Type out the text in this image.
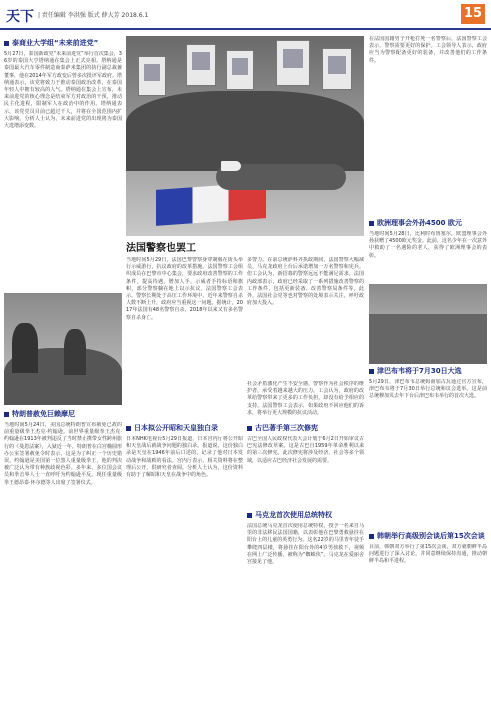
天下 | 责任编辑 李洪强 版式 薛大芳 2018.6.1	15
泰商业大学组“未来前进党”
5月27日，泰国新政党“未来前进党”举行首次集会，36岁的泰国大亨塔纳通在集会上正式亮相。塔纳通是泰国最大汽车零件制造商泰萨米集团的执行副总裁兼董事，他在2014年军方政变后曾多次批评军政府。塔纳通表示，该党将致力于推动泰国政治改革，在泰国年轻人中拥有较高的人气。塔纳通在集会上宣布，未来前进党的核心理念是结束军方对政治的干预，推动民主化进程，限制军人在政治中的作用。塔纳通表示，该党党员目前已超过千人，并将在全国范围内扩大影响。分析人士认为，未来前进党的出现将为泰国大选增添变数。
特朗普赦免巨赖摩尼
当地时间5月24日，美国总统特朗普宣布赦免已故的前重量级拳王杰克·约翰逊。前世界重量级拳王杰克·约翰逊在1913年被判违反了当时禁止携带女性跨州旅行的《曼恩法案》，入狱近一年。特朗普在白宫椭圆形办公室签署赦免令时表示，这是为了纠正一个历史错误。约翰逊是美国第一位黑人重量级拳王，他的判决被广泛认为带有种族歧视色彩。多年来，多位国会议员和拳击界人士一直呼吁为约翰逊平反。现任重量级拳王德昂泰·怀尔德等人出席了签署仪式。
法国警察也罢工
当地时间5月29日，法国巴黎警察身穿制服在街头举行示威游行，抗议政府的改革措施。法国警察工会组织成员在巴黎市中心集会，要求政府改善警察的工作条件，提高待遇，增加人手。示威者手持标语和旗帜，部分警察躺在地上以示抗议。法国警察工会表示，警察长期处于高压工作环境中，近年来警察自杀人数不断上升，政府应当重视这一问题。据统计，2017年法国有48名警察自杀，2018年以来又有多名警察自杀身亡。
日本拟公开昭和天皇独白录
日本NHK电视台5月29日报道，日本宫内厅将公开昭和天皇战后就战争问题的独白录。报道说，这份独白录是天皇在1946年前后口述的，记录了他对日本发动战争和战败的看法。宫内厅表示，相关资料将在整理后公开，供研究者查阅。分析人士认为，这份资料有助于了解昭和天皇在战争中的角色。
多警力。在前总统萨科齐执政期间，法国警察大幅减员，马克龙政府上台后承诺增加一万名警察和宪兵。但工会认为，新招募的警察远远不能满足需求。法国内政部表示，政府已经采取了一系列措施改善警察的工作条件，包括更新装备、改善警察局条件等。此外，法国社会党等也对警察的处境表示关注，呼吁政府加大投入。
社会矛盾激化产生不安全感，警察作为社会秩序的维护者，承受着越来越大的压力。工会认为，政府的改革给警察带来了更多的工作负担，却没有给予相应的支持。法国警察工会表示，如果政府不回应他们的诉求，将举行更大规模的抗议活动。
古巴著手第三次修宪
古巴全国人民政权代表大会计划于6月2日开始审议古巴宪法修改草案。这是古巴自1959年革命胜利以来的第三次修宪。此次修宪将涉及经济、社会等多个领域，以适应古巴经济社会发展的需要。
马克龙首次使用总统特权
法国总统马克龙首次使用总统特权，授予一名来自马里的非法移民法国国籍，以表彰他在巴黎勇救悬挂在阳台上的儿童的英勇行为。这名22岁的马里青年徒手攀爬四层楼，将悬挂在阳台外的4岁男孩救下，视频在网上广泛传播，被称为“蜘蛛侠”。马克龙在爱丽舍宫接见了他。
在法国国籍男子开枪打死一名警察后，法国警察工会表示，警察需要更好的保护。工会领导人表示，政府应当为警察配备更好的装备，并改善他们的工作条件。
欧洲理事会外孙4500 欧元
当地时间5月28日，比利时布鲁塞尔，欧盟理事会外孙获赠了4500欧元奖金。此前，这名少年在一次意外中救助了一名遇险的老人，获得了欧洲理事会的表彰。
津巴布韦将于7月30日大选
5月29日，津巴布韦总统姆南加古瓦通过官方宣布，津巴布韦将于7月30日举行总统和议会选举。这是前总统穆加贝去年下台后津巴布韦举行的首次大选。
韩朝举行高级别会谈后第15次会谈
目前，韩朝双方举行了第15次会谈，双方就朝鲜半岛问题进行了深入讨论，并同意继续保持沟通，推动朝鲜半岛和平进程。
